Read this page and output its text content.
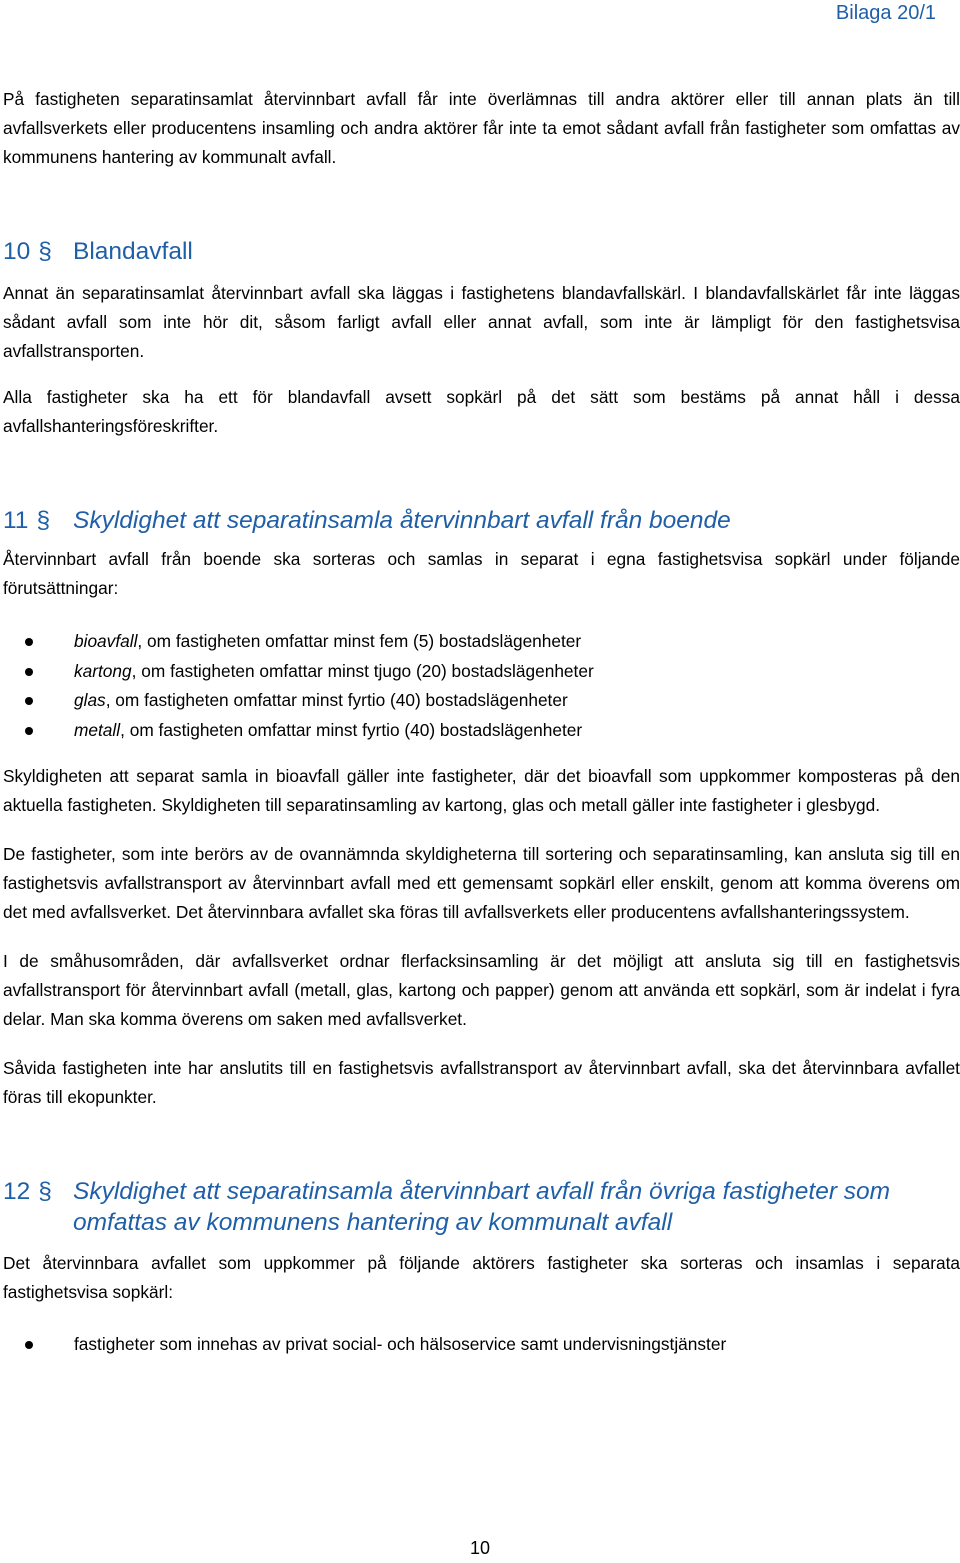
Bilaga 20/1

På fastigheten separatinsamlat återvinnbart avfall får inte överlämnas till andra aktörer eller till annan plats än till avfallsverkets eller producentens insamling och andra aktörer får inte ta emot sådant avfall från fastigheter som omfattas av kommunens hantering av kommunalt avfall.

10 § Blandavfall

Annat än separatinsamlat återvinnbart avfall ska läggas i fastighetens blandavfallskärl. I blandavfallskärlet får inte läggas sådant avfall som inte hör dit, såsom farligt avfall eller annat avfall, som inte är lämpligt för den fastighetsvisa avfallstransporten.

Alla fastigheter ska ha ett för blandavfall avsett sopkärl på det sätt som bestäms på annat håll i dessa avfallshanteringsföreskrifter.

11 § Skyldighet att separatinsamla återvinnbart avfall från boende

Återvinnbart avfall från boende ska sorteras och samlas in separat i egna fastighetsvisa sopkärl under följande förutsättningar:

bioavfall, om fastigheten omfattar minst fem (5) bostadslägenheter
kartong, om fastigheten omfattar minst tjugo (20) bostadslägenheter
glas, om fastigheten omfattar minst fyrtio (40) bostadslägenheter
metall, om fastigheten omfattar minst fyrtio (40) bostadslägenheter

Skyldigheten att separat samla in bioavfall gäller inte fastigheter, där det bioavfall som uppkommer komposteras på den aktuella fastigheten. Skyldigheten till separatinsamling av kartong, glas och metall gäller inte fastigheter i glesbygd.

De fastigheter, som inte berörs av de ovannämnda skyldigheterna till sortering och separatinsamling, kan ansluta sig till en fastighetsvis avfallstransport av återvinnbart avfall med ett gemensamt sopkärl eller enskilt, genom att komma överens om det med avfallsverket. Det återvinnbara avfallet ska föras till avfallsverkets eller producentens avfallshanteringssystem.

I de småhusområden, där avfallsverket ordnar flerfacksinsamling är det möjligt att ansluta sig till en fastighetsvis avfallstransport för återvinnbart avfall (metall, glas, kartong och papper) genom att använda ett sopkärl, som är indelat i fyra delar. Man ska komma överens om saken med avfallsverket.

Såvida fastigheten inte har anslutits till en fastighetsvis avfallstransport av återvinnbart avfall, ska det återvinnbara avfallet föras till ekopunkter.

12 § Skyldighet att separatinsamla återvinnbart avfall från övriga fastigheter som omfattas av kommunens hantering av kommunalt avfall

Det återvinnbara avfallet som uppkommer på följande aktörers fastigheter ska sorteras och insamlas i separata fastighetsvisa sopkärl:

fastigheter som innehas av privat social- och hälsoservice samt undervisningstjänster
10
